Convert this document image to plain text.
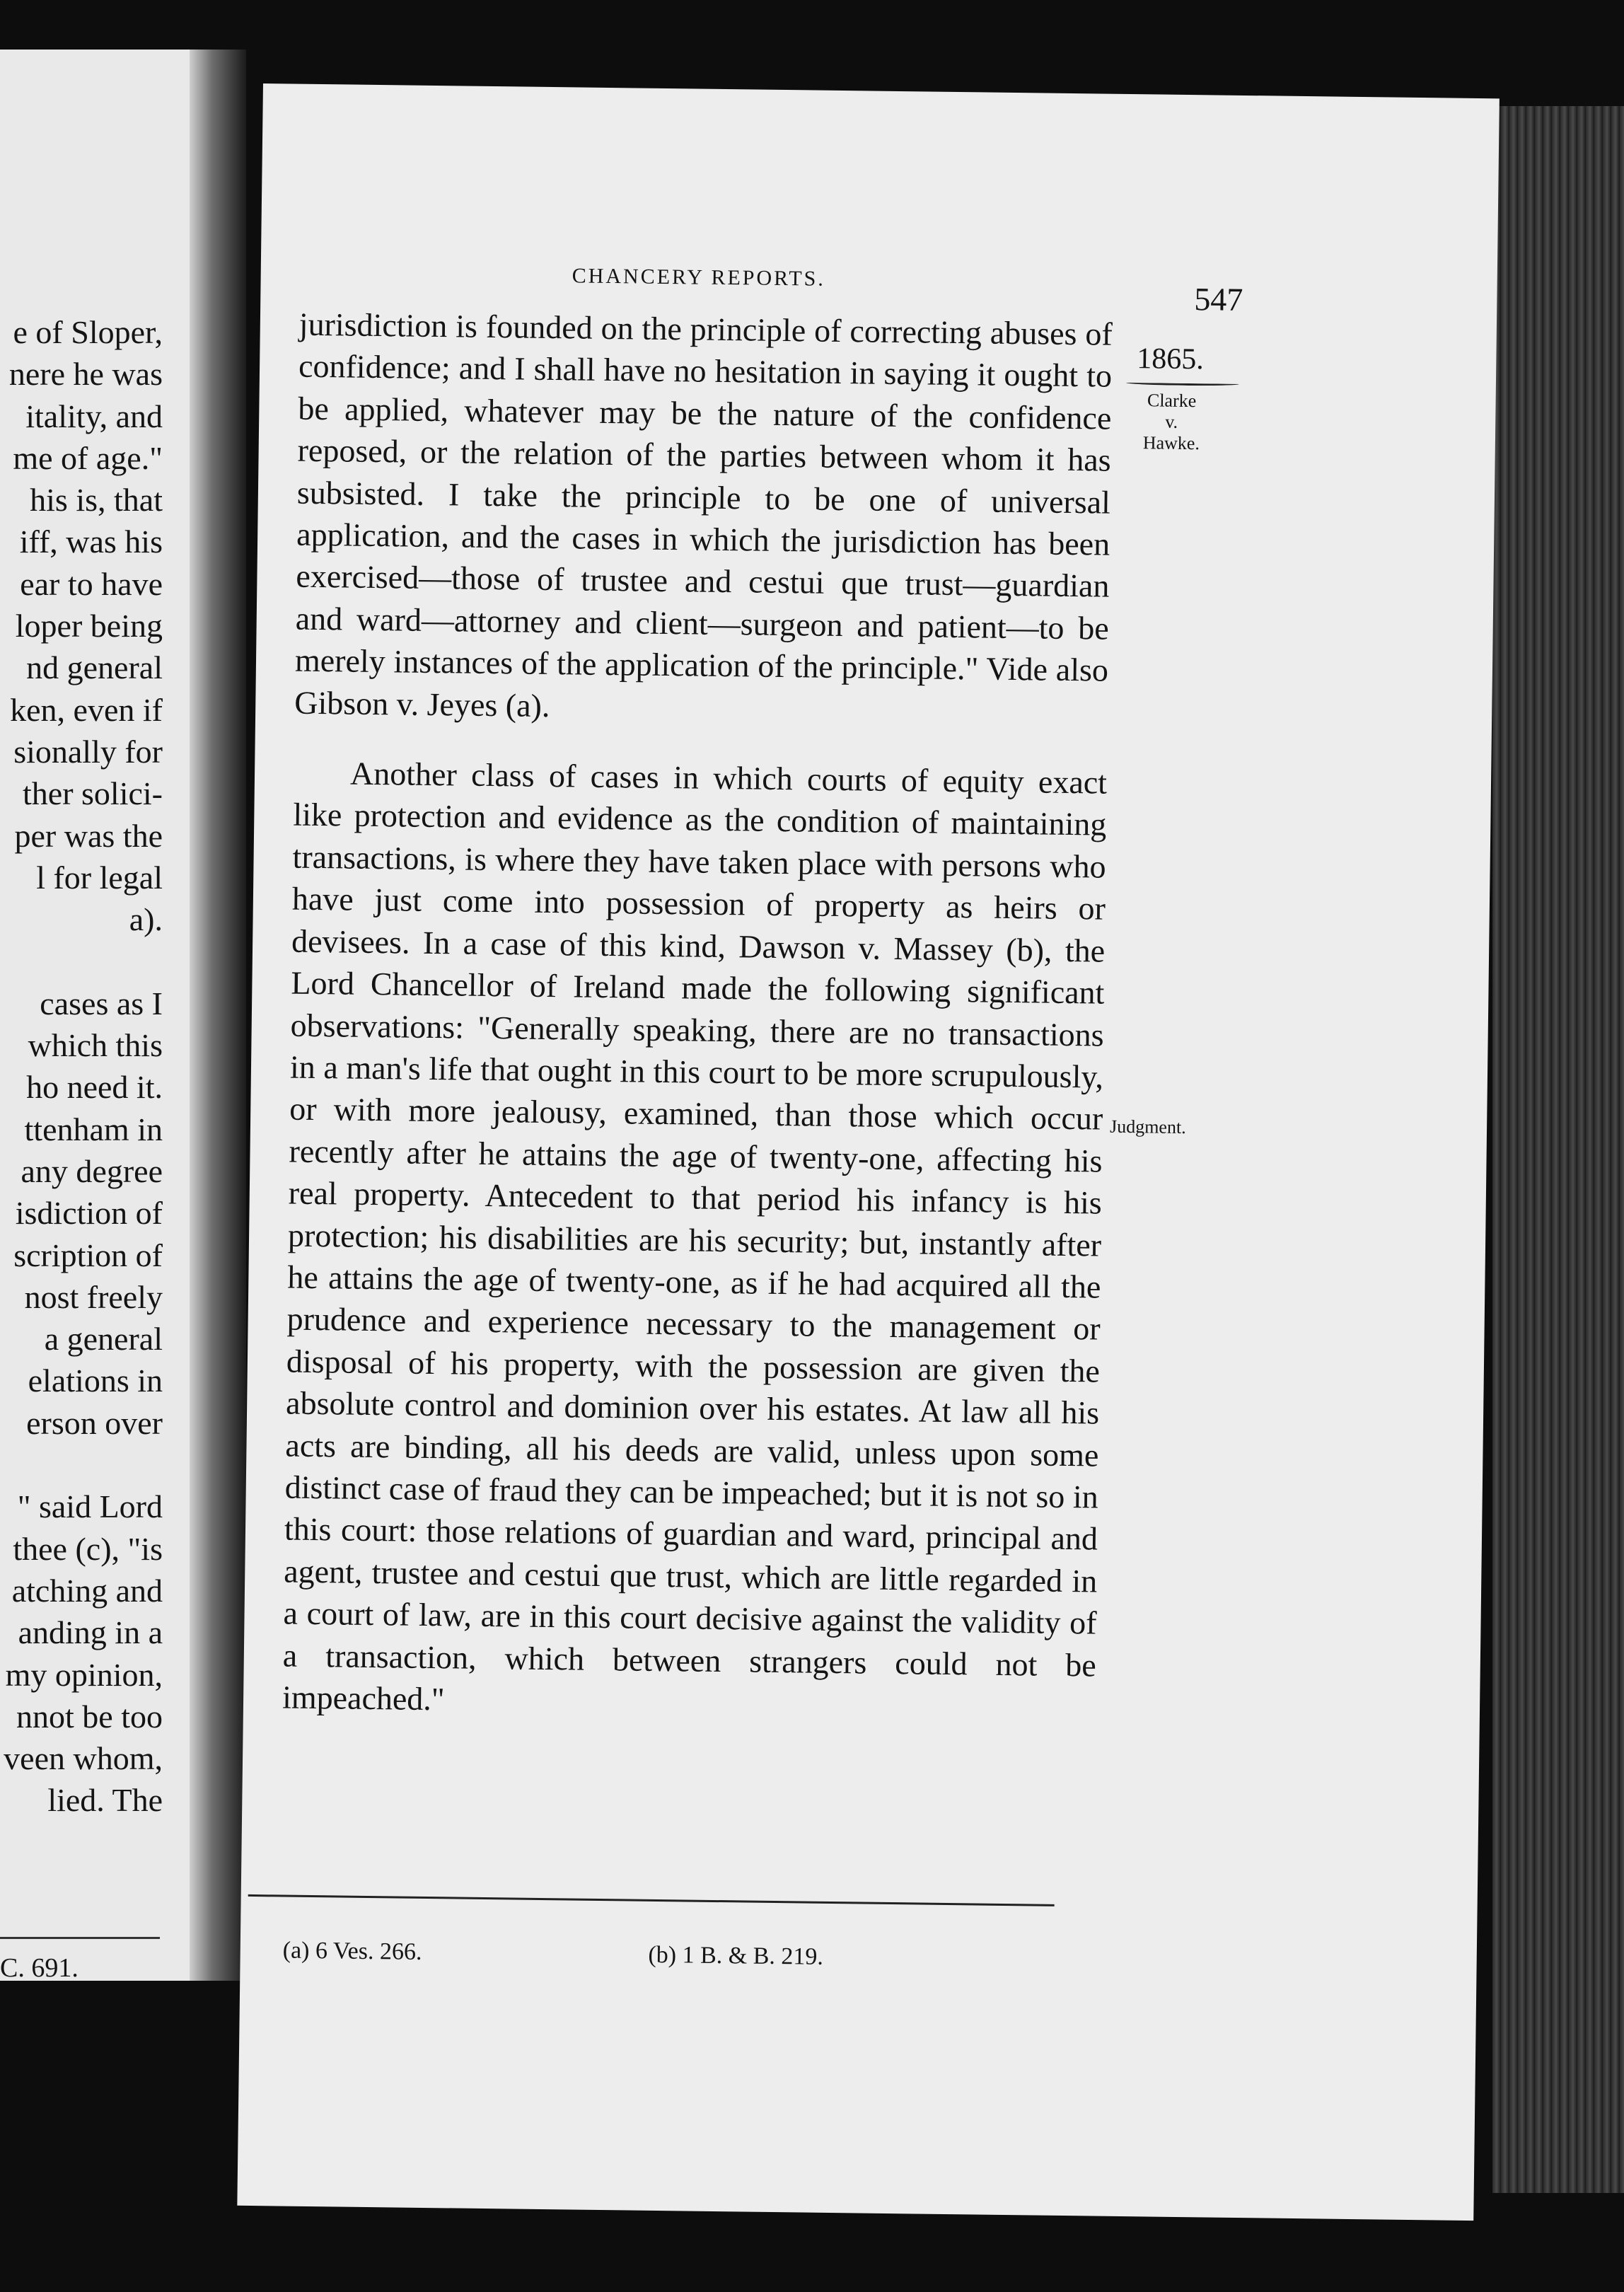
e of Sloper,
nere he was
itality, and
me of age."
his is, that
iff, was his
ear to have
loper being
nd general
ken, even if
sionally for
ther solici-
per was the
l for legal
a).
cases as I
which this
ho need it.
ttenham in
any degree
isdiction of
scription of
nost freely
a general
elations in
erson over
" said Lord
thee (c), "is
atching and
anding in a
my opinion,
nnot be too
veen whom,
lied. The
C. 691.
CHANCERY REPORTS.
547
1865.
Clarke
v.
Hawke.
Judgment.

jurisdiction is founded on the principle of correcting abuses of confidence; and I shall have no hesitation in saying it ought to be applied, whatever may be the nature of the confidence reposed, or the relation of the parties between whom it has subsisted. I take the principle to be one of universal application, and the cases in which the jurisdiction has been exercised—those of trustee and cestui que trust—guardian and ward—attorney and client—surgeon and patient—to be merely instances of the application of the principle." Vide also Gibson v. Jeyes (a).

Another class of cases in which courts of equity exact like protection and evidence as the condition of maintaining transactions, is where they have taken place with persons who have just come into possession of property as heirs or devisees. In a case of this kind, Dawson v. Massey (b), the Lord Chancellor of Ireland made the following significant observations: "Generally speaking, there are no transactions in a man's life that ought in this court to be more scrupulously, or with more jealousy, examined, than those which occur recently after he attains the age of twenty-one, affecting his real property. Antecedent to that period his infancy is his protection; his disabilities are his security; but, instantly after he attains the age of twenty-one, as if he had acquired all the prudence and experience necessary to the management or disposal of his property, with the possession are given the absolute control and dominion over his estates. At law all his acts are binding, all his deeds are valid, unless upon some distinct case of fraud they can be impeached; but it is not so in this court: those relations of guardian and ward, principal and agent, trustee and cestui que trust, which are little regarded in a court of law, are in this court decisive against the validity of a transaction, which between strangers could not be impeached."

(a) 6 Ves. 266.	(b) 1 B. & B. 219.
